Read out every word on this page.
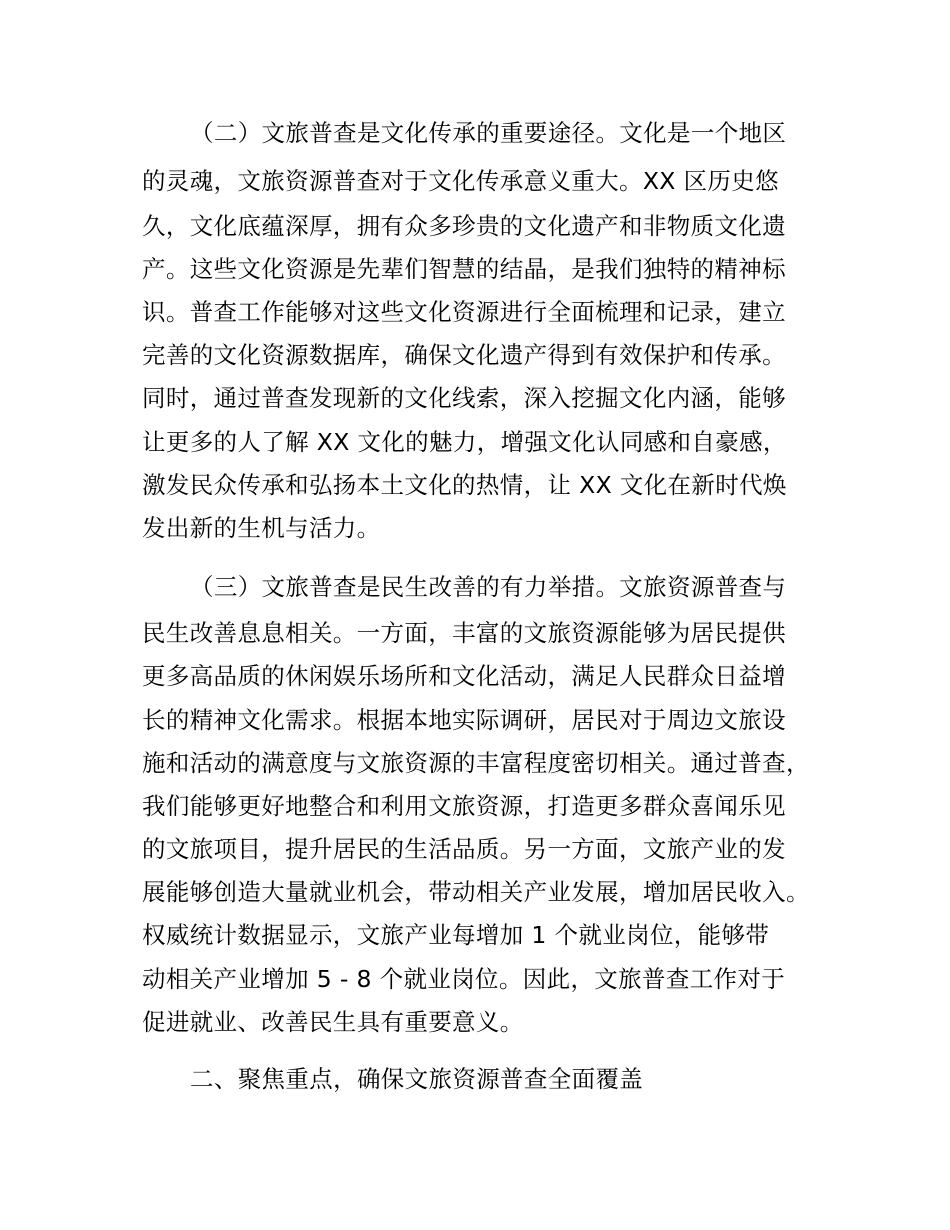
（二）文旅普查是文化传承的重要途径。文化是一个地区
的灵魂，文旅资源普查对于文化传承意义重大。XX 区历史悠
久，文化底蕴深厚，拥有众多珍贵的文化遗产和非物质文化遗
产。这些文化资源是先辈们智慧的结晶，是我们独特的精神标
识。普查工作能够对这些文化资源进行全面梳理和记录，建立
完善的文化资源数据库，确保文化遗产得到有效保护和传承。
同时，通过普查发现新的文化线索，深入挖掘文化内涵，能够
让更多的人了解 XX 文化的魅力，增强文化认同感和自豪感，
激发民众传承和弘扬本土文化的热情，让 XX 文化在新时代焕
发出新的生机与活力。
（三）文旅普查是民生改善的有力举措。文旅资源普查与
民生改善息息相关。一方面，丰富的文旅资源能够为居民提供
更多高品质的休闲娱乐场所和文化活动，满足人民群众日益增
长的精神文化需求。根据本地实际调研，居民对于周边文旅设
施和活动的满意度与文旅资源的丰富程度密切相关。通过普查，
我们能够更好地整合和利用文旅资源，打造更多群众喜闻乐见
的文旅项目，提升居民的生活品质。另一方面，文旅产业的发
展能够创造大量就业机会，带动相关产业发展，增加居民收入。
权威统计数据显示，文旅产业每增加 1 个就业岗位，能够带
动相关产业增加 5 - 8 个就业岗位。因此，文旅普查工作对于
促进就业、改善民生具有重要意义。
二、聚焦重点，确保文旅资源普查全面覆盖
